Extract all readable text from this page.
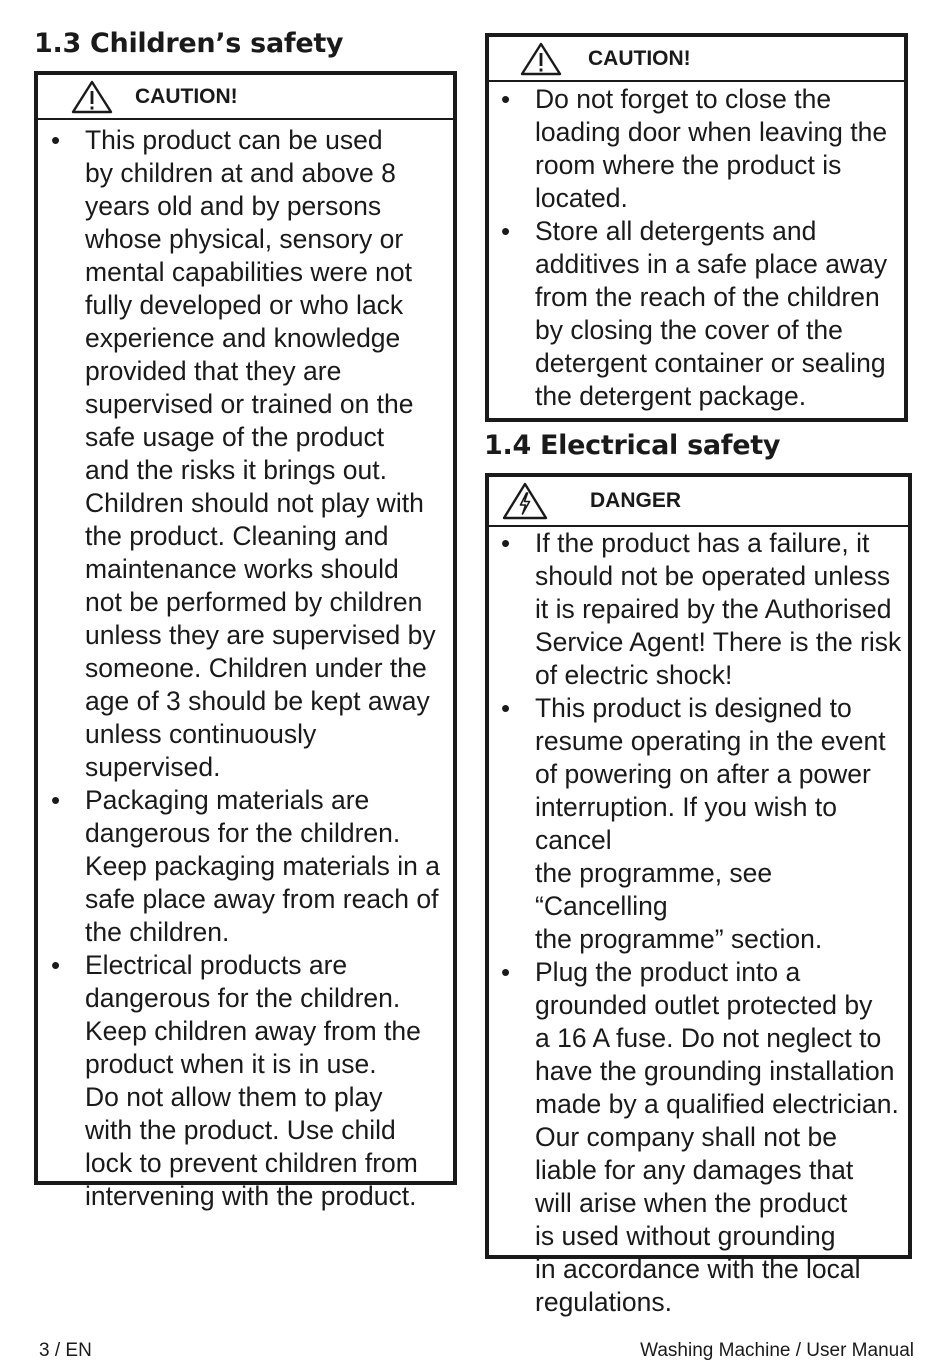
1.3 Children’s safety
CAUTION!
• This product can be used
by children at and above 8
years old and by persons
whose physical, sensory or
mental capabilities were not
fully developed or who lack
experience and knowledge
provided that they are
supervised or trained on the
safe usage of the product
and the risks it brings out.
Children should not play with
the product. Cleaning and
maintenance works should
not be performed by children
unless they are supervised by
someone. Children under the
age of 3 should be kept away
unless continuously supervised.
• Packaging materials are
dangerous for the children.
Keep packaging materials in a
safe place away from reach of
the children.
• Electrical products are
dangerous for the children.
Keep children away from the
product when it is in use.
Do not allow them to play
with the product. Use child
lock to prevent children from
intervening with the product.
CAUTION!
• Do not forget to close the
loading door when leaving the
room where the product is
located.
• Store all detergents and
additives in a safe place away
from the reach of the children
by closing the cover of the
detergent container or sealing
the detergent package.
1.4 Electrical safety
DANGER
• If the product has a failure, it
should not be operated unless
it is repaired by the Authorised
Service Agent! There is the risk
of electric shock!
• This product is designed to
resume operating in the event
of powering on after a power
interruption. If you wish to cancel
the programme, see “Cancelling
the programme” section.
• Plug the product into a
grounded outlet protected by
a 16 A fuse. Do not neglect to
have the grounding installation
made by a qualified electrician.
Our company shall not be
liable for any damages that
will arise when the product
is used without grounding
in accordance with the local
regulations.
3 / EN	Washing Machine / User Manual
